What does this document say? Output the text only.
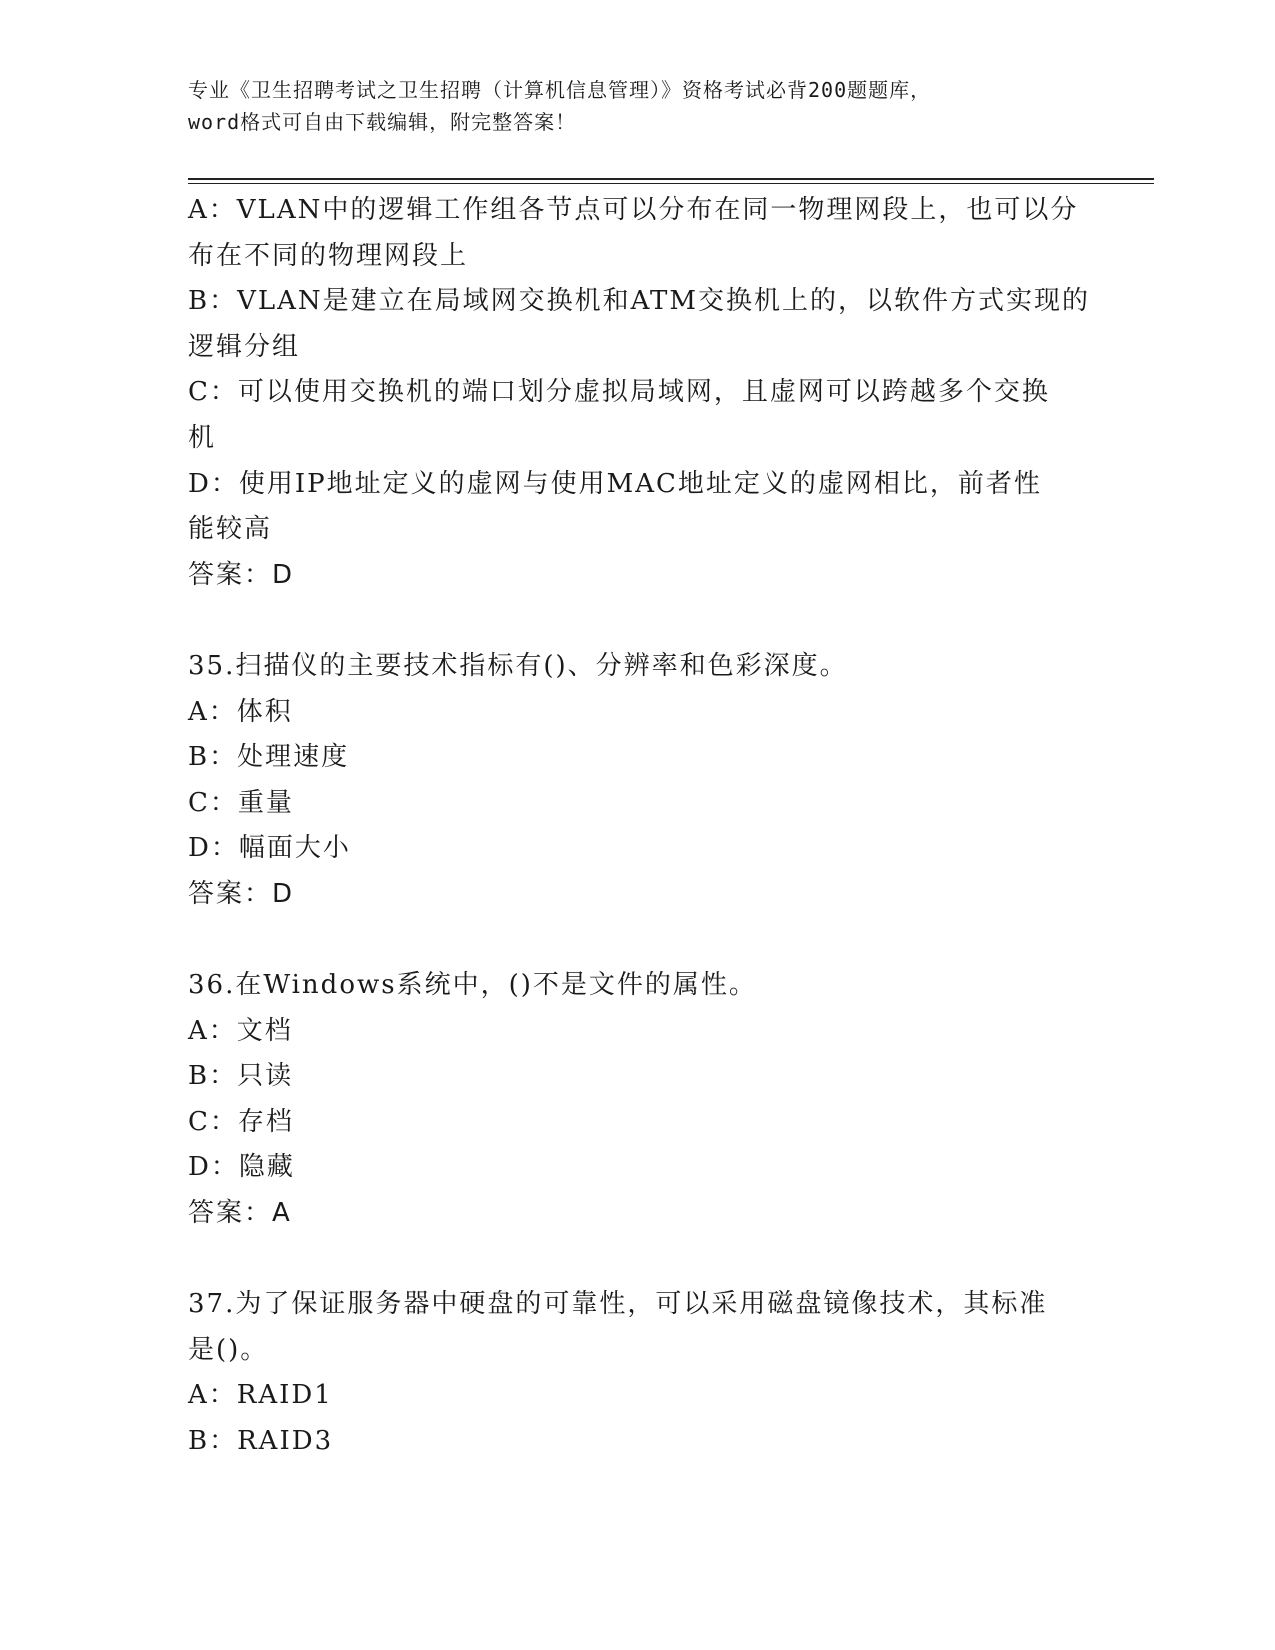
专业《卫生招聘考试之卫生招聘（计算机信息管理）》资格考试必背200题题库，
word格式可自由下载编辑，附完整答案！
A：VLAN中的逻辑工作组各节点可以分布在同一物理网段上，也可以分
布在不同的物理网段上
B：VLAN是建立在局域网交换机和ATM交换机上的，以软件方式实现的
逻辑分组
C：可以使用交换机的端口划分虚拟局域网，且虚网可以跨越多个交换
机
D：使用IP地址定义的虚网与使用MAC地址定义的虚网相比，前者性
能较高
答案：D
35.扫描仪的主要技术指标有()、分辨率和色彩深度。
A：体积
B：处理速度
C：重量
D：幅面大小
答案：D
36.在Windows系统中，()不是文件的属性。
A：文档
B：只读
C：存档
D：隐藏
答案：A
37.为了保证服务器中硬盘的可靠性，可以采用磁盘镜像技术，其标准
是()。
A：RAID1
B：RAID3
